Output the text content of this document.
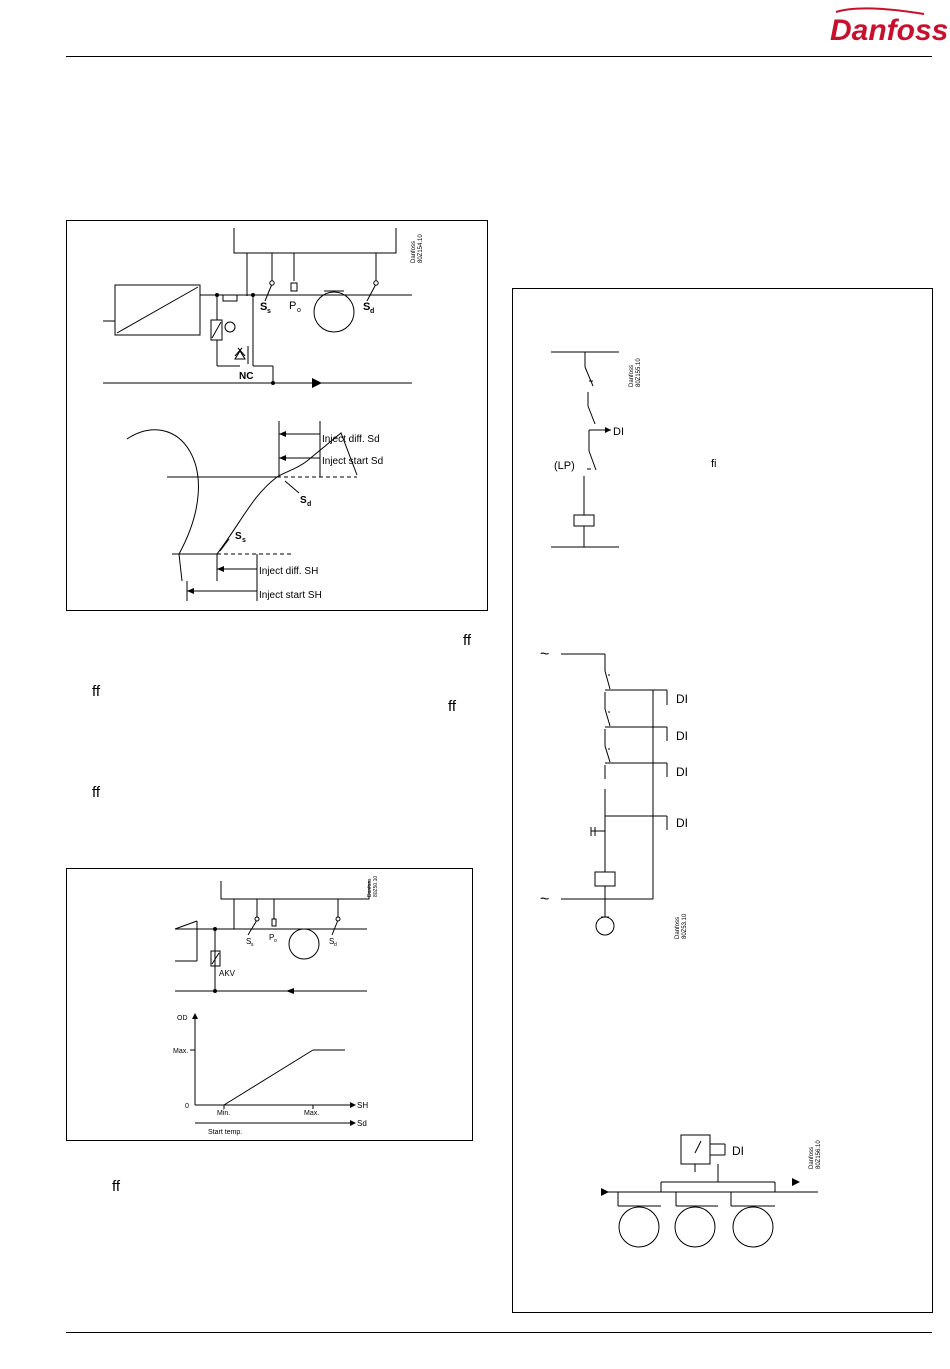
Danfoss
ff
ff
ff
ff
ff
fi
S s P o	S d
NC
Danfoss80Z154.10
Inject diff. Sd
Inject start Sd
S d
S s
Inject diff. SH
Inject start SH
DI
(LP)
Danfoss80Z155.10
~
~
DI
DI
DI
DI
Danfoss80Z53.10
DI	Danfoss80Z156.10
S s
P o	S d
AKV
OD
Max.
0
Min.	Max.
SH
Start temp.
Sd
Danfoss80Z50.10
